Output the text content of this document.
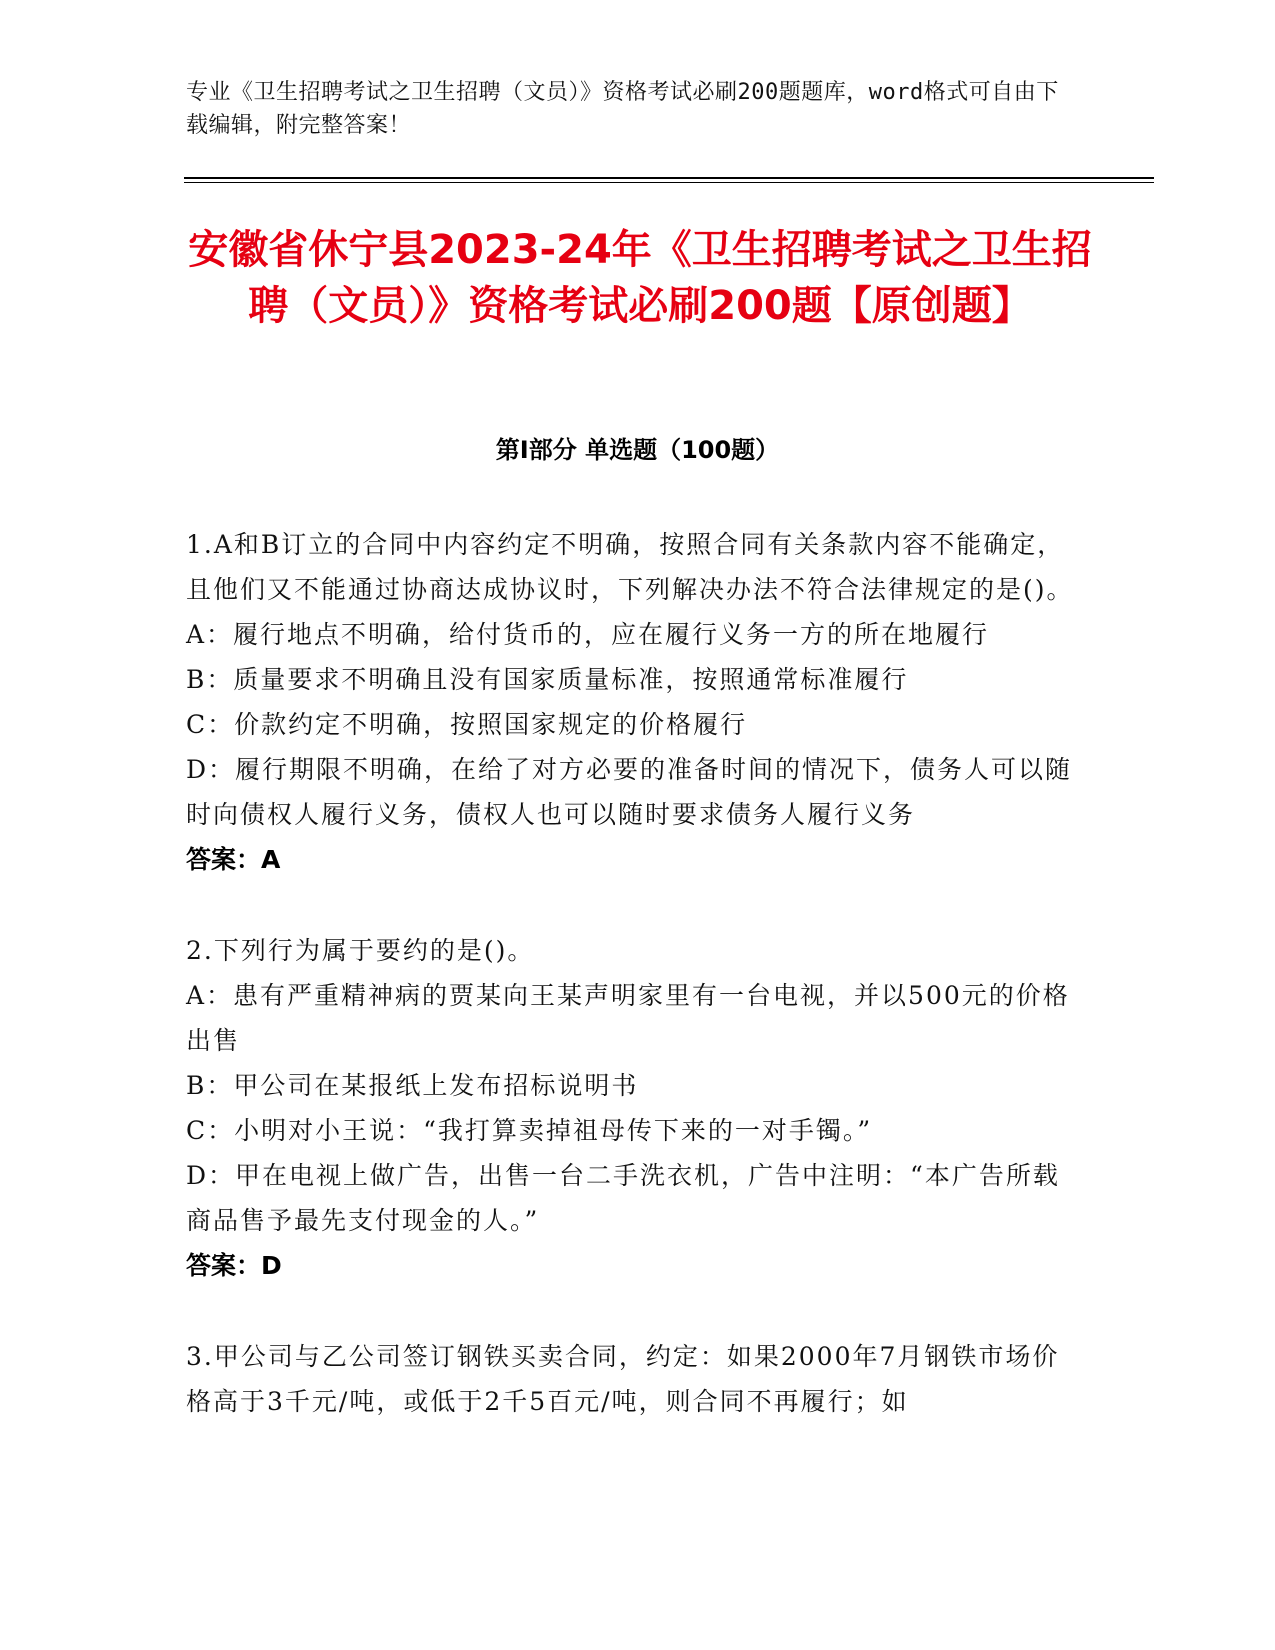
专业《卫生招聘考试之卫生招聘（文员）》资格考试必刷200题题库，word格式可自由下载编辑，附完整答案！
安徽省休宁县2023-24年《卫生招聘考试之卫生招聘（文员）》资格考试必刷200题【原创题】
第I部分 单选题（100题）

1.A和B订立的合同中内容约定不明确，按照合同有关条款内容不能确定，且他们又不能通过协商达成协议时，下列解决办法不符合法律规定的是()。

A：履行地点不明确，给付货币的，应在履行义务一方的所在地履行

B：质量要求不明确且没有国家质量标准，按照通常标准履行

C：价款约定不明确，按照国家规定的价格履行

D：履行期限不明确，在给了对方必要的准备时间的情况下，债务人可以随时向债权人履行义务，债权人也可以随时要求债务人履行义务

答案：A

2.下列行为属于要约的是()。

A：患有严重精神病的贾某向王某声明家里有一台电视，并以500元的价格出售

B：甲公司在某报纸上发布招标说明书

C：小明对小王说：“我打算卖掉祖母传下来的一对手镯。”

D：甲在电视上做广告，出售一台二手洗衣机，广告中注明：“本广告所载商品售予最先支付现金的人。”

答案：D

3.甲公司与乙公司签订钢铁买卖合同，约定：如果2000年7月钢铁市场价格高于3千元/吨，或低于2千5百元/吨，则合同不再履行；如
